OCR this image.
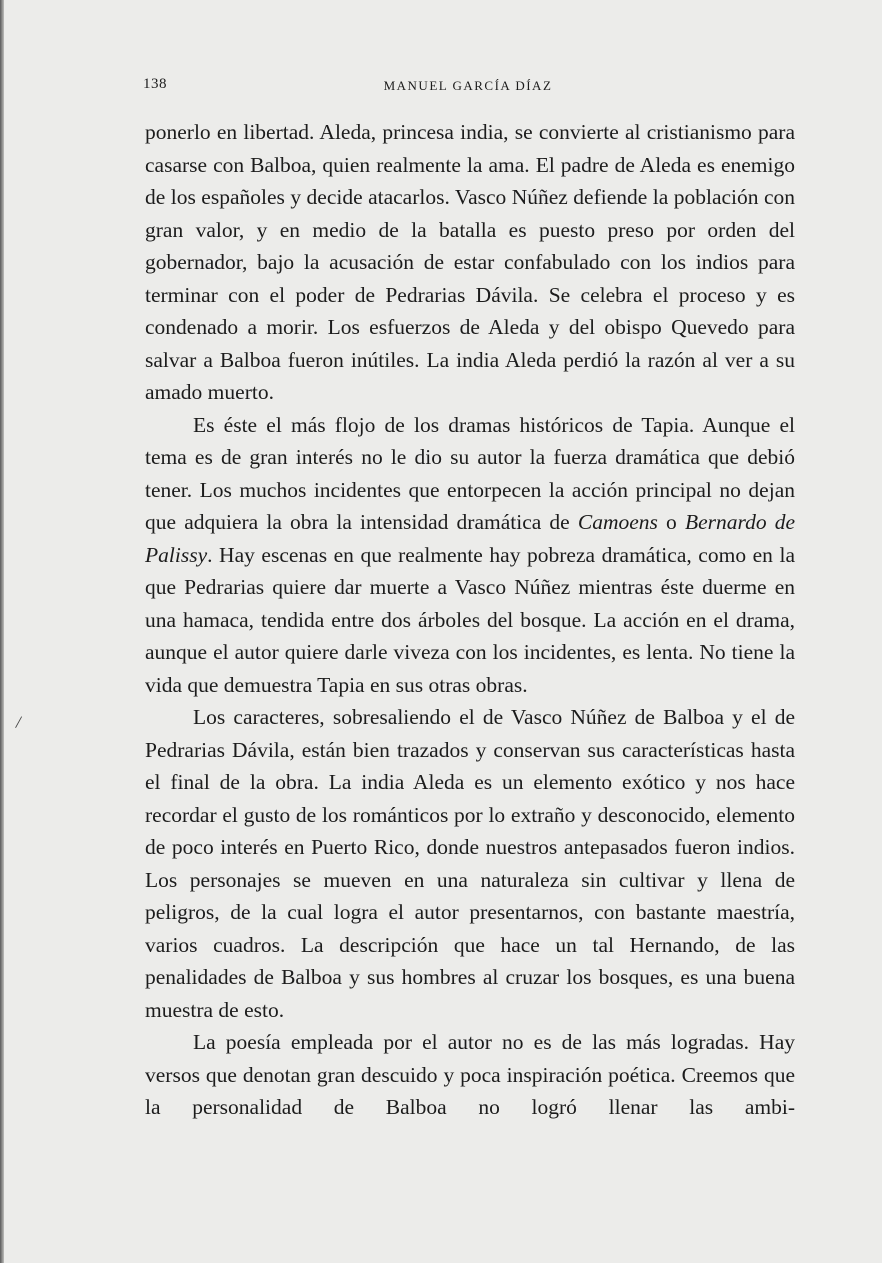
138	MANUEL GARCÍA DÍAZ
/

ponerlo en libertad. Aleda, princesa india, se convierte al cristianismo para casarse con Balboa, quien realmente la ama. El padre de Aleda es enemigo de los españoles y decide atacarlos. Vasco Núñez defiende la población con gran valor, y en medio de la batalla es puesto preso por orden del gobernador, bajo la acusación de estar confabulado con los indios para terminar con el poder de Pedrarias Dávila. Se celebra el proceso y es condenado a morir. Los esfuerzos de Aleda y del obispo Quevedo para salvar a Balboa fueron inútiles. La india Aleda perdió la razón al ver a su amado muerto.

Es éste el más flojo de los dramas históricos de Tapia. Aunque el tema es de gran interés no le dio su autor la fuerza dramática que debió tener. Los muchos incidentes que entorpecen la acción principal no dejan que adquiera la obra la intensidad dramática de Camoens o Bernardo de Palissy. Hay escenas en que realmente hay pobreza dramática, como en la que Pedrarias quiere dar muerte a Vasco Núñez mientras éste duerme en una hamaca, tendida entre dos árboles del bosque. La acción en el drama, aunque el autor quiere darle viveza con los incidentes, es lenta. No tiene la vida que demuestra Tapia en sus otras obras.

Los caracteres, sobresaliendo el de Vasco Núñez de Balboa y el de Pedrarias Dávila, están bien trazados y conservan sus características hasta el final de la obra. La india Aleda es un elemento exótico y nos hace recordar el gusto de los románticos por lo extraño y desconocido, elemento de poco interés en Puerto Rico, donde nuestros antepasados fueron indios. Los personajes se mueven en una naturaleza sin cultivar y llena de peligros, de la cual logra el autor presentarnos, con bastante maestría, varios cuadros. La descripción que hace un tal Hernando, de las penalidades de Balboa y sus hombres al cruzar los bosques, es una buena muestra de esto.

La poesía empleada por el autor no es de las más logradas. Hay versos que denotan gran descuido y poca inspiración poética. Creemos que la personalidad de Balboa no logró llenar las ambi-
